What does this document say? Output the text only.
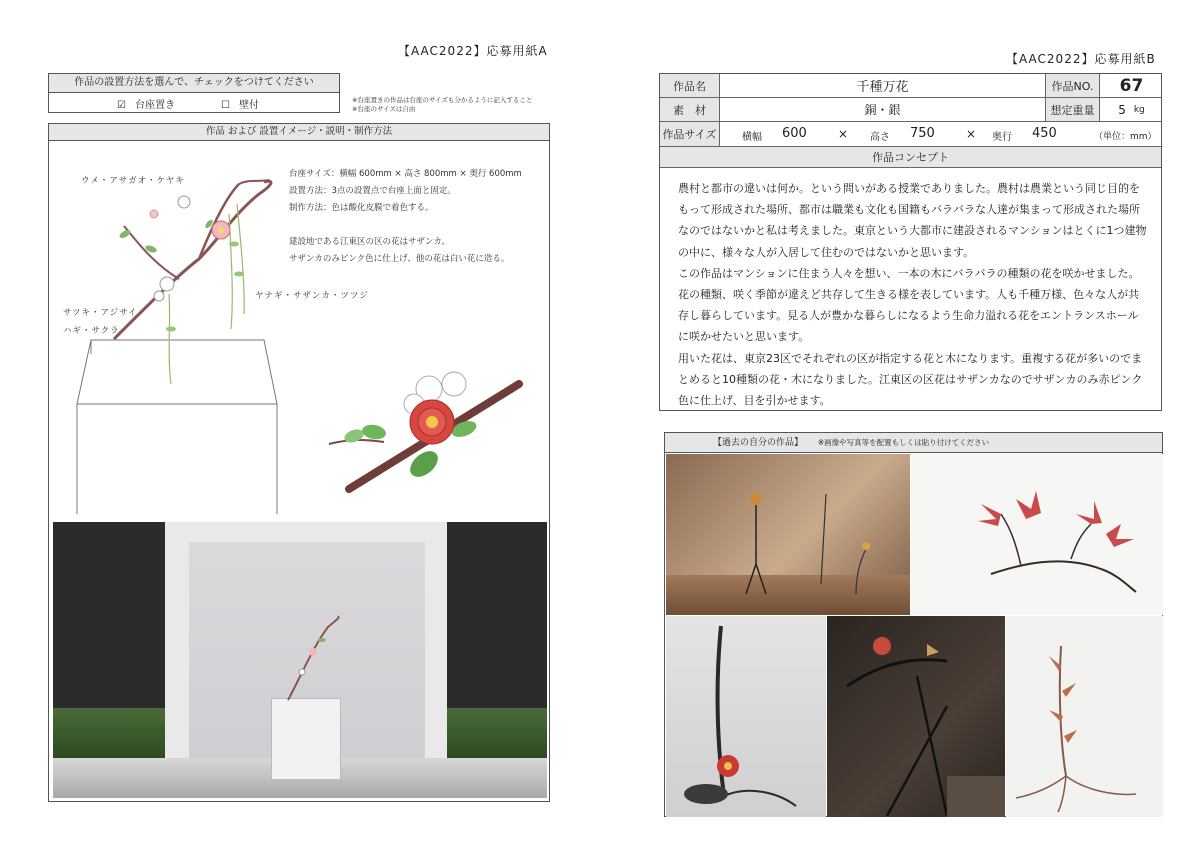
【AAC2022】応募用紙A
作品の設置方法を選んで、チェックをつけてください
☑ 台座置き	☐ 壁付	※台座置きの作品は台座のサイズも分かるように記入すること
※台座のサイズは自由
作品 および 設置イメージ・説明・制作方法
ウメ・アサガオ・ケヤキ
ヤナギ・サザンカ・ツツジ
サツキ・アジサイ
ハギ・サクラ
台座サイズ：横幅 600mm × 高さ 800mm × 奥行 600mm
設置方法：3点の設置点で台座上面と固定。
制作方法：色は酸化皮膜で着色する。
建設地である江東区の区の花はサザンカ。
サザンカのみピンク色に仕上げ、他の花は白い花に造る。
【AAC2022】応募用紙B
作品名	千種万花	作品NO.	67
素　材	銅・銀	想定重量	5 kg
作品サイズ	横幅 600	× 高さ 750	× 奥行 450	（単位：mm）
作品コンセプト
農村と都市の違いは何か。という問いがある授業でありました。農村は農業という同じ目的を
もって形成された場所、都市は職業も文化も国籍もバラバラな人達が集まって形成された場所
なのではないかと私は考えました。東京という大都市に建設されるマンションはとくに1つ建物
の中に、様々な人が入居して住むのではないかと思います。
この作品はマンションに住まう人々を想い、一本の木にバラバラの種類の花を咲かせました。
花の種類、咲く季節が違えど共存して生きる様を表しています。人も千種万様、色々な人が共
存し暮らしています。見る人が豊かな暮らしになるよう生命力溢れる花をエントランスホール
に咲かせたいと思います。
用いた花は、東京23区でそれぞれの区が指定する花と木になります。重複する花が多いのでま
とめると10種類の花・木になりました。江東区の区花はサザンカなのでサザンカのみ赤ピンク
色に仕上げ、目を引かせます。
【過去の自分の作品】 ※画像や写真等を配置もしくは貼り付けてください
